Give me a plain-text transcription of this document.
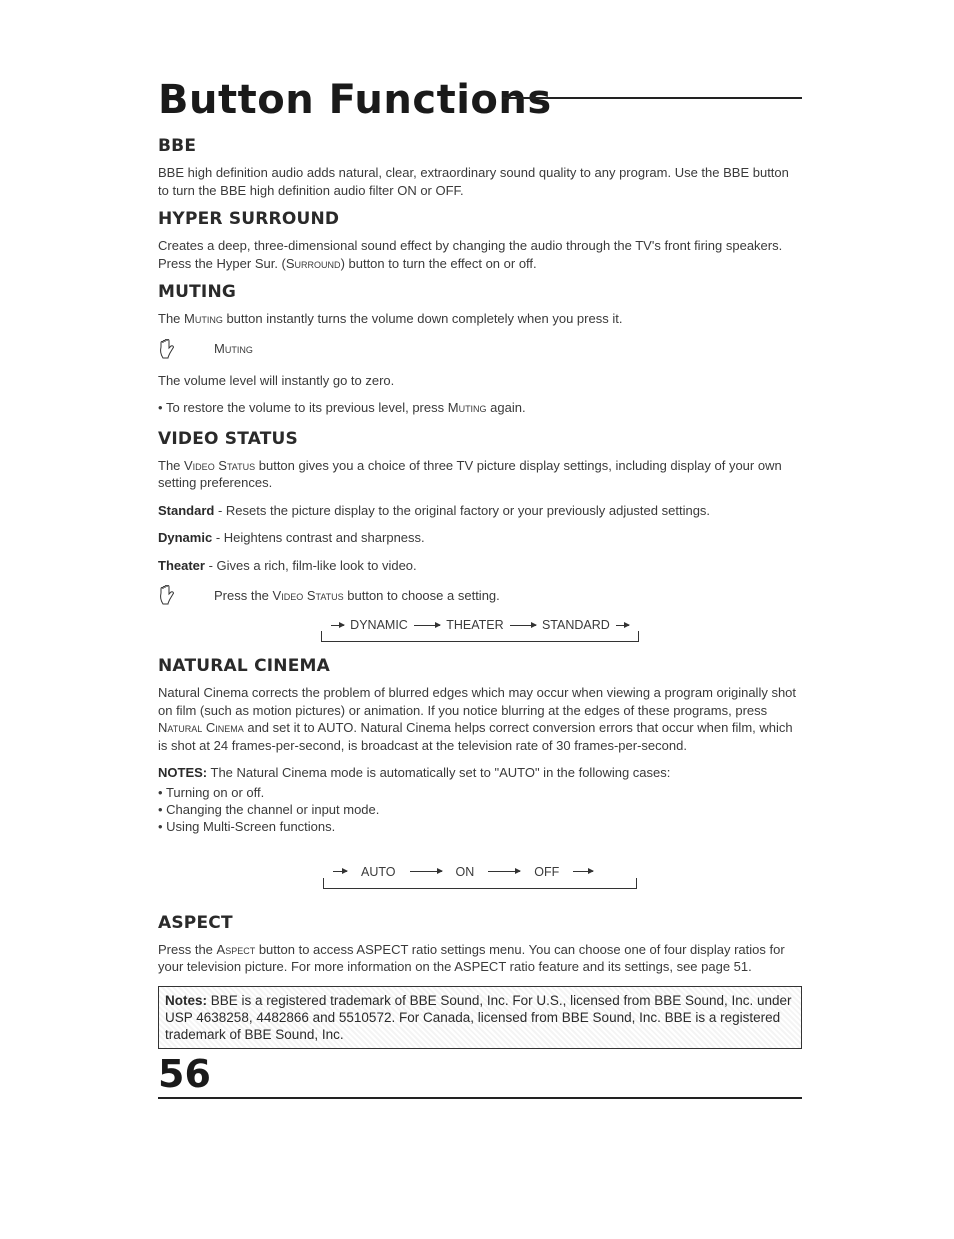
Button Functions
BBE

BBE high definition audio adds natural, clear, extraordinary sound quality to any program. Use the BBE button to turn the BBE high definition audio filter ON or OFF.

HYPER SURROUND

Creates a deep, three-dimensional sound effect by changing the audio through the TV's front firing speakers. Press the Hyper Sur. (Surround) button to turn the effect on or off.

MUTING

The Muting button instantly turns the volume down completely when you press it.

Muting

The volume level will instantly go to zero.

• To restore the volume to its previous level, press Muting again.

VIDEO STATUS

The Video Status button gives you a choice of three TV picture display settings, including display of your own setting preferences.

Standard - Resets the picture display to the original factory or your previously adjusted settings.

Dynamic - Heightens contrast and sharpness.

Theater - Gives a rich, film-like look to video.

Press the Video Status button to choose a setting.
DYNAMIC	THEATER	STANDARD
NATURAL CINEMA

Natural Cinema corrects the problem of blurred edges which may occur when viewing a program originally shot on film (such as motion pictures) or animation. If you notice blurring at the edges of these programs, press Natural Cinema and set it to AUTO. Natural Cinema helps correct conversion errors that occur when film, which is shot at 24 frames-per-second, is broadcast at the television rate of 30 frames-per-second.

NOTES: The Natural Cinema mode is automatically set to "AUTO" in the following cases:

• Turning on or off.

• Changing the channel or input mode.

• Using Multi-Screen functions.

AUTO	ON	OFF
ASPECT

Press the Aspect button to access ASPECT ratio settings menu. You can choose one of four display ratios for your television picture. For more information on the ASPECT ratio feature and its settings, see page 51.

Notes: BBE is a registered trademark of BBE Sound, Inc. For U.S., licensed from BBE Sound, Inc. under USP 4638258, 4482866 and 5510572. For Canada, licensed from BBE Sound, Inc. BBE is a registered trademark of BBE Sound, Inc.
56
